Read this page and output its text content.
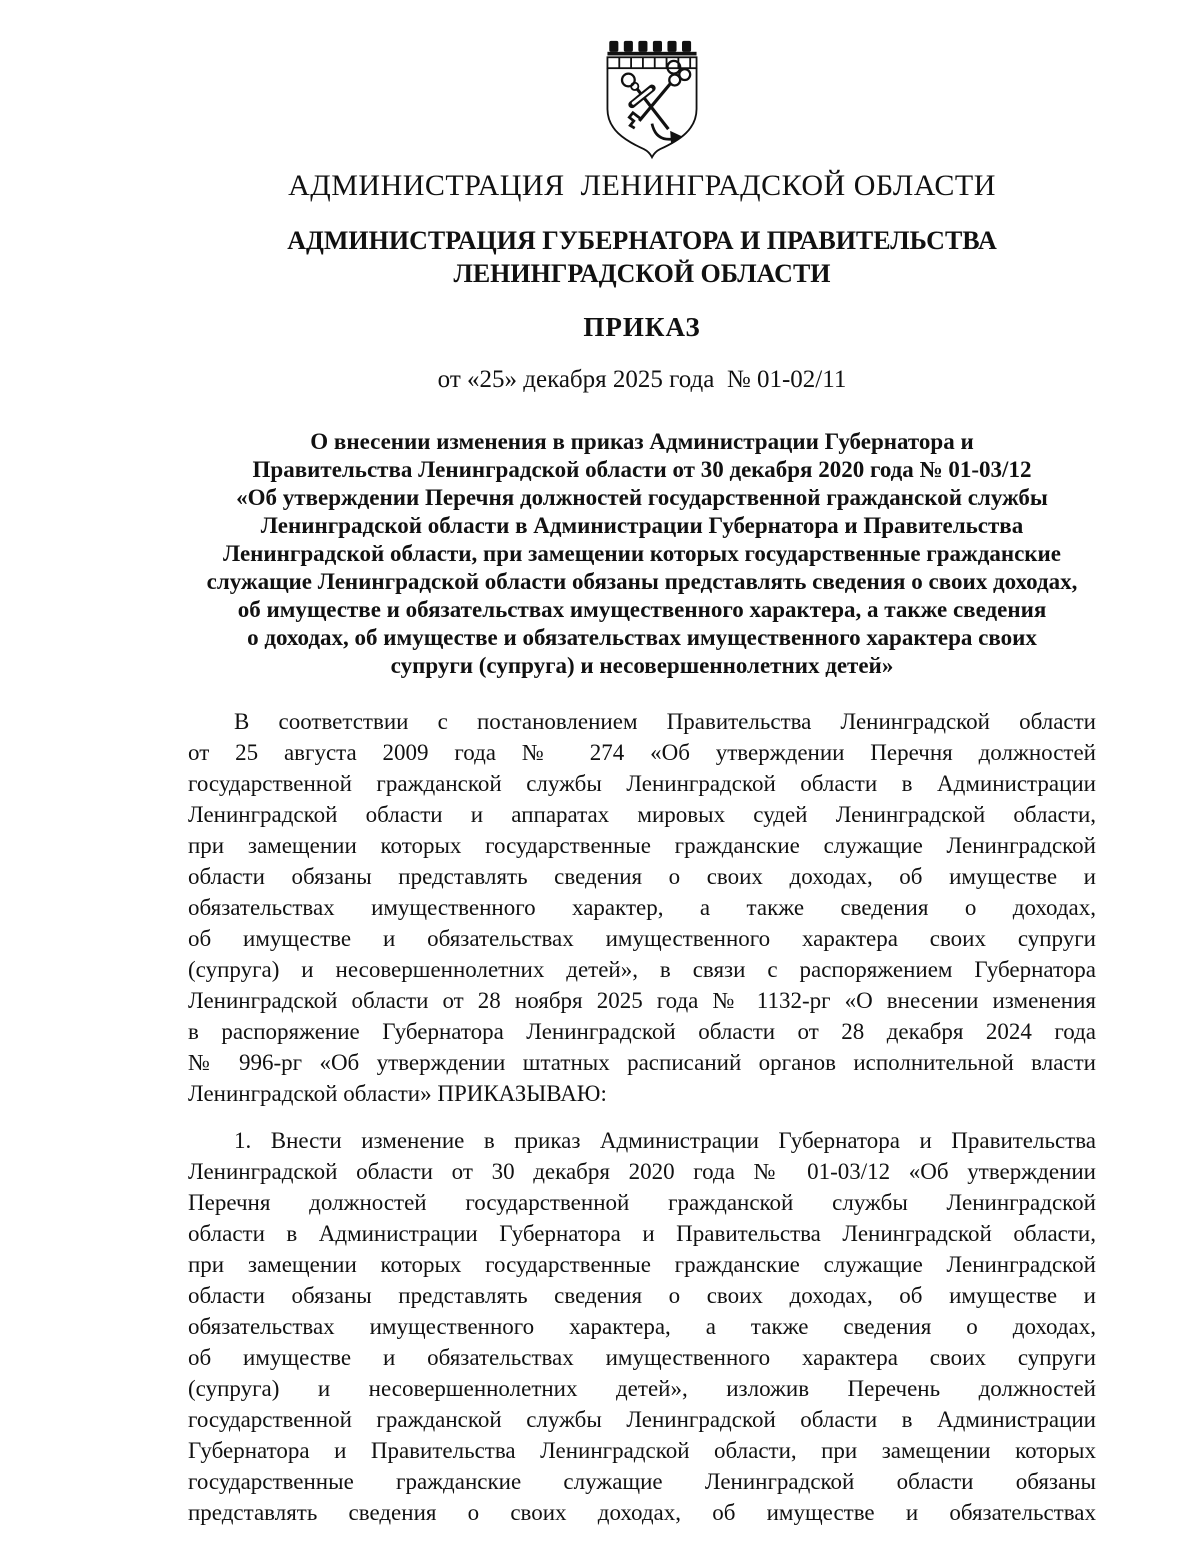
АДМИНИСТРАЦИЯ  ЛЕНИНГРАДСКОЙ ОБЛАСТИ
АДМИНИСТРАЦИЯ ГУБЕРНАТОРА И ПРАВИТЕЛЬСТВА
ЛЕНИНГРАДСКОЙ ОБЛАСТИ
ПРИКАЗ
от «25» декабря 2025 года  № 01-02/11
О внесении изменения в приказ Администрации Губернатора и
Правительства Ленинградской области от 30 декабря 2020 года № 01-03/12
«Об утверждении Перечня должностей государственной гражданской службы
Ленинградской области в Администрации Губернатора и Правительства
Ленинградской области, при замещении которых государственные гражданские
служащие Ленинградской области обязаны представлять сведения о своих доходах,
об имуществе и обязательствах имущественного характера, а также сведения
о доходах, об имуществе и обязательствах имущественного характера своих
супруги (супруга) и несовершеннолетних детей»
В соответствии с постановлением Правительства Ленинградской области
от 25 августа 2009 года № 274 «Об утверждении Перечня должностей
государственной гражданской службы Ленинградской области в Администрации
Ленинградской области и аппаратах мировых судей Ленинградской области,
при замещении которых государственные гражданские служащие Ленинградской
области обязаны представлять сведения о своих доходах, об имуществе и
обязательствах имущественного характер, а также сведения о доходах,
об имуществе и обязательствах имущественного характера своих супруги
(супруга) и несовершеннолетних детей», в связи с распоряжением Губернатора
Ленинградской области от 28 ноября 2025 года № 1132-рг «О внесении изменения
в распоряжение Губернатора Ленинградской области от 28 декабря 2024 года
№ 996-рг «Об утверждении штатных расписаний органов исполнительной власти
Ленинградской области» ПРИКАЗЫВАЮ:
1. Внести изменение в приказ Администрации Губернатора и Правительства
Ленинградской области от 30 декабря 2020 года № 01-03/12 «Об утверждении
Перечня должностей государственной гражданской службы Ленинградской
области в Администрации Губернатора и Правительства Ленинградской области,
при замещении которых государственные гражданские служащие Ленинградской
области обязаны представлять сведения о своих доходах, об имуществе и
обязательствах имущественного характера, а также сведения о доходах,
об имуществе и обязательствах имущественного характера своих супруги
(супруга) и несовершеннолетних детей», изложив Перечень должностей
государственной гражданской службы Ленинградской области в Администрации
Губернатора и Правительства Ленинградской области, при замещении которых
государственные гражданские служащие Ленинградской области обязаны
представлять сведения о своих доходах, об имуществе и обязательствах
